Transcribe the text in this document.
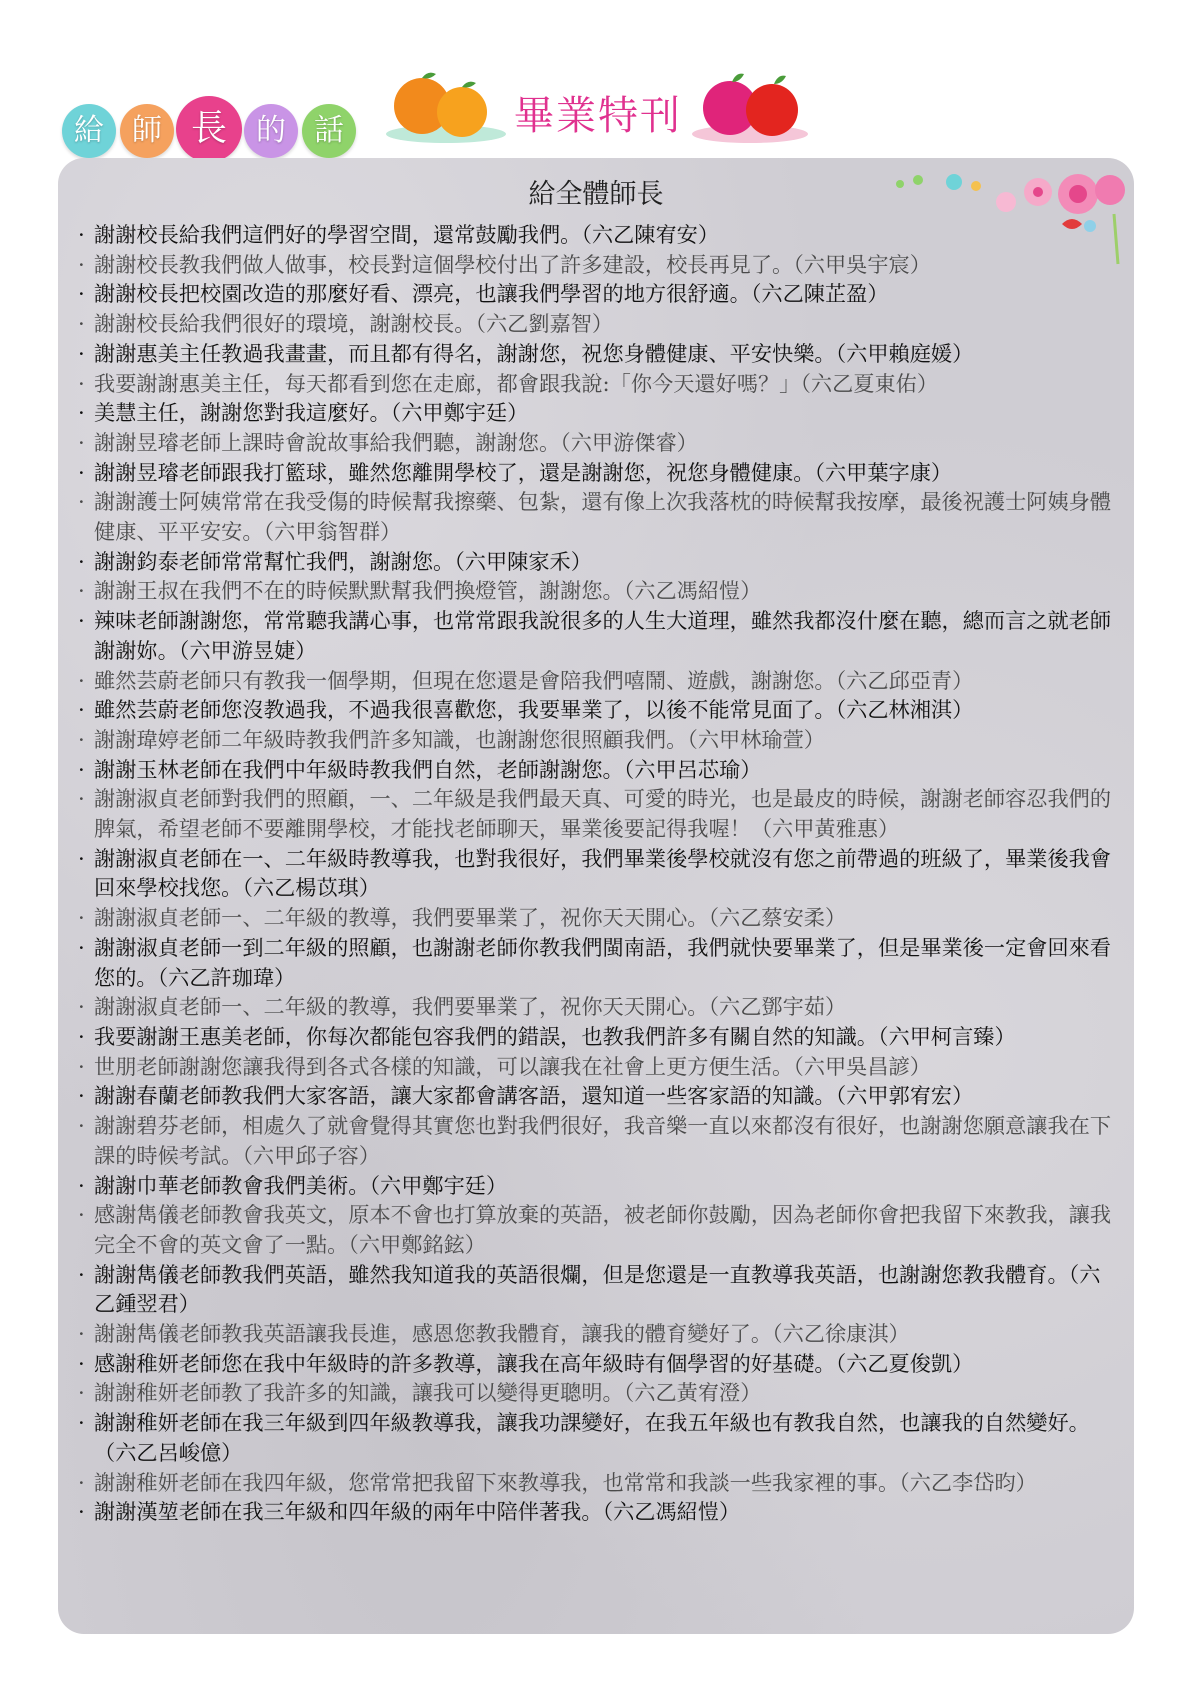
給 師 長 的 話	畢業特刊
給全體師長
· 謝謝校長給我們這們好的學習空間，還常鼓勵我們。（六乙陳宥安）
· 謝謝校長教我們做人做事，校長對這個學校付出了許多建設，校長再見了。（六甲吳宇宸）
· 謝謝校長把校園改造的那麼好看、漂亮，也讓我們學習的地方很舒適。（六乙陳芷盈）
· 謝謝校長給我們很好的環境，謝謝校長。（六乙劉嘉智）
· 謝謝惠美主任教過我畫畫，而且都有得名，謝謝您，祝您身體健康、平安快樂。（六甲賴庭媛）
· 我要謝謝惠美主任，每天都看到您在走廊，都會跟我說:「你今天還好嗎？」（六乙夏東佑）
· 美慧主任，謝謝您對我這麼好。（六甲鄭宇廷）
· 謝謝昱璿老師上課時會說故事給我們聽，謝謝您。（六甲游傑睿）
· 謝謝昱璿老師跟我打籃球，雖然您離開學校了，還是謝謝您，祝您身體健康。（六甲葉字康）
· 謝謝護士阿姨常常在我受傷的時候幫我擦藥、包紮，還有像上次我落枕的時候幫我按摩，最後祝護士阿姨身體健康、平平安安。（六甲翁智群）
· 謝謝鈞泰老師常常幫忙我們，謝謝您。（六甲陳家禾）
· 謝謝王叔在我們不在的時候默默幫我們換燈管，謝謝您。（六乙馮紹愷）
· 辣味老師謝謝您，常常聽我講心事，也常常跟我說很多的人生大道理，雖然我都沒什麼在聽，總而言之就老師謝謝妳。（六甲游昱婕）
· 雖然芸蔚老師只有教我一個學期，但現在您還是會陪我們嘻鬧、遊戲，謝謝您。（六乙邱亞青）
· 雖然芸蔚老師您沒教過我，不過我很喜歡您，我要畢業了，以後不能常見面了。（六乙林湘淇）
· 謝謝瑋婷老師二年級時教我們許多知識，也謝謝您很照顧我們。（六甲林瑜萱）
· 謝謝玉林老師在我們中年級時教我們自然，老師謝謝您。（六甲呂芯瑜）
· 謝謝淑貞老師對我們的照顧，一、二年級是我們最天真、可愛的時光，也是最皮的時候，謝謝老師容忍我們的脾氣，希望老師不要離開學校，才能找老師聊天，畢業後要記得我喔！（六甲黃雅惠）
· 謝謝淑貞老師在一、二年級時教導我，也對我很好，我們畢業後學校就沒有您之前帶過的班級了，畢業後我會回來學校找您。（六乙楊苡琪）
· 謝謝淑貞老師一、二年級的教導，我們要畢業了，祝你天天開心。（六乙蔡安柔）
· 謝謝淑貞老師一到二年級的照顧，也謝謝老師你教我們閩南語，我們就快要畢業了，但是畢業後一定會回來看您的。（六乙許珈瑋）
· 謝謝淑貞老師一、二年級的教導，我們要畢業了，祝你天天開心。（六乙鄧宇茹）
· 我要謝謝王惠美老師，你每次都能包容我們的錯誤，也教我們許多有關自然的知識。（六甲柯言臻）
· 世朋老師謝謝您讓我得到各式各樣的知識，可以讓我在社會上更方便生活。（六甲吳昌諺）
· 謝謝春蘭老師教我們大家客語，讓大家都會講客語，還知道一些客家語的知識。（六甲郭宥宏）
· 謝謝碧芬老師，相處久了就會覺得其實您也對我們很好，我音樂一直以來都沒有很好，也謝謝您願意讓我在下課的時候考試。（六甲邱子容）
· 謝謝巾華老師教會我們美術。（六甲鄭宇廷）
· 感謝雋儀老師教會我英文，原本不會也打算放棄的英語，被老師你鼓勵，因為老師你會把我留下來教我，讓我完全不會的英文會了一點。（六甲鄭銘鉉）
· 謝謝雋儀老師教我們英語，雖然我知道我的英語很爛，但是您還是一直教導我英語，也謝謝您教我體育。（六乙鍾翌君）
· 謝謝雋儀老師教我英語讓我長進，感恩您教我體育，讓我的體育變好了。（六乙徐康淇）
· 感謝稚妍老師您在我中年級時的許多教導，讓我在高年級時有個學習的好基礎。（六乙夏俊凱）
· 謝謝稚妍老師教了我許多的知識，讓我可以變得更聰明。（六乙黃宥澄）
· 謝謝稚妍老師在我三年級到四年級教導我，讓我功課變好，在我五年級也有教我自然，也讓我的自然變好。（六乙呂峻億）
· 謝謝稚妍老師在我四年級，您常常把我留下來教導我，也常常和我談一些我家裡的事。（六乙李岱昀）
· 謝謝漢堃老師在我三年級和四年級的兩年中陪伴著我。（六乙馮紹愷）
